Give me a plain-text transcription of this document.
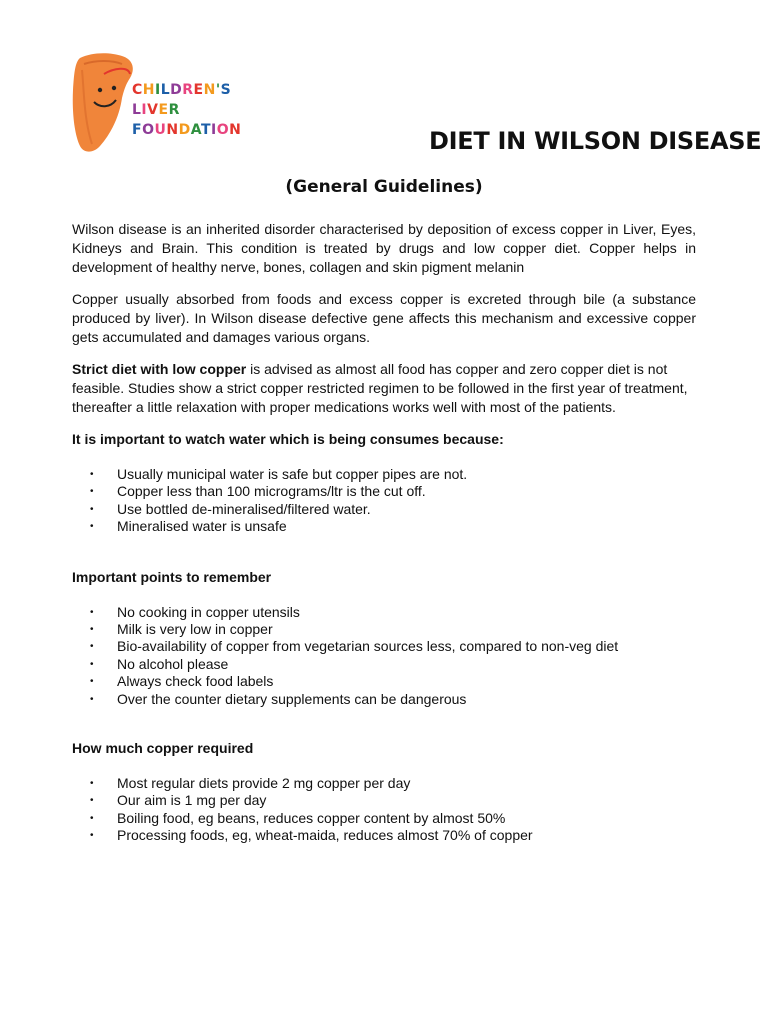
CHILDREN'S
LIVER
FOUNDATION	DIET IN WILSON DISEASE
(General Guidelines)

Wilson disease is an inherited disorder characterised by deposition of excess copper in Liver, Eyes, Kidneys and Brain. This condition is treated by drugs and low copper diet. Copper helps in development of healthy nerve, bones, collagen and skin pigment melanin

Copper usually absorbed from foods and excess copper is excreted through bile (a substance produced by liver). In Wilson disease defective gene affects this mechanism and excessive copper gets accumulated and damages various organs.

Strict diet with low copper is advised as almost all food has copper and zero copper diet is not feasible. Studies show a strict copper restricted regimen to be followed in the first year of treatment, thereafter a little relaxation with proper medications works well with most of the patients.

It is important to watch water which is being consumes because:
• Usually municipal water is safe but copper pipes are not.
• Copper less than 100 micrograms/ltr is the cut off.
• Use bottled de-mineralised/filtered water.
• Mineralised water is unsafe
Important points to remember
• No cooking in copper utensils
• Milk is very low in copper
• Bio-availability of copper from vegetarian sources less, compared to non-veg diet
• No alcohol please
• Always check food labels
• Over the counter dietary supplements can be dangerous
How much copper required
• Most regular diets provide 2 mg copper per day
• Our aim is 1 mg per day
• Boiling food, eg beans, reduces copper content by almost 50%
• Processing foods, eg, wheat-maida, reduces almost 70% of copper
